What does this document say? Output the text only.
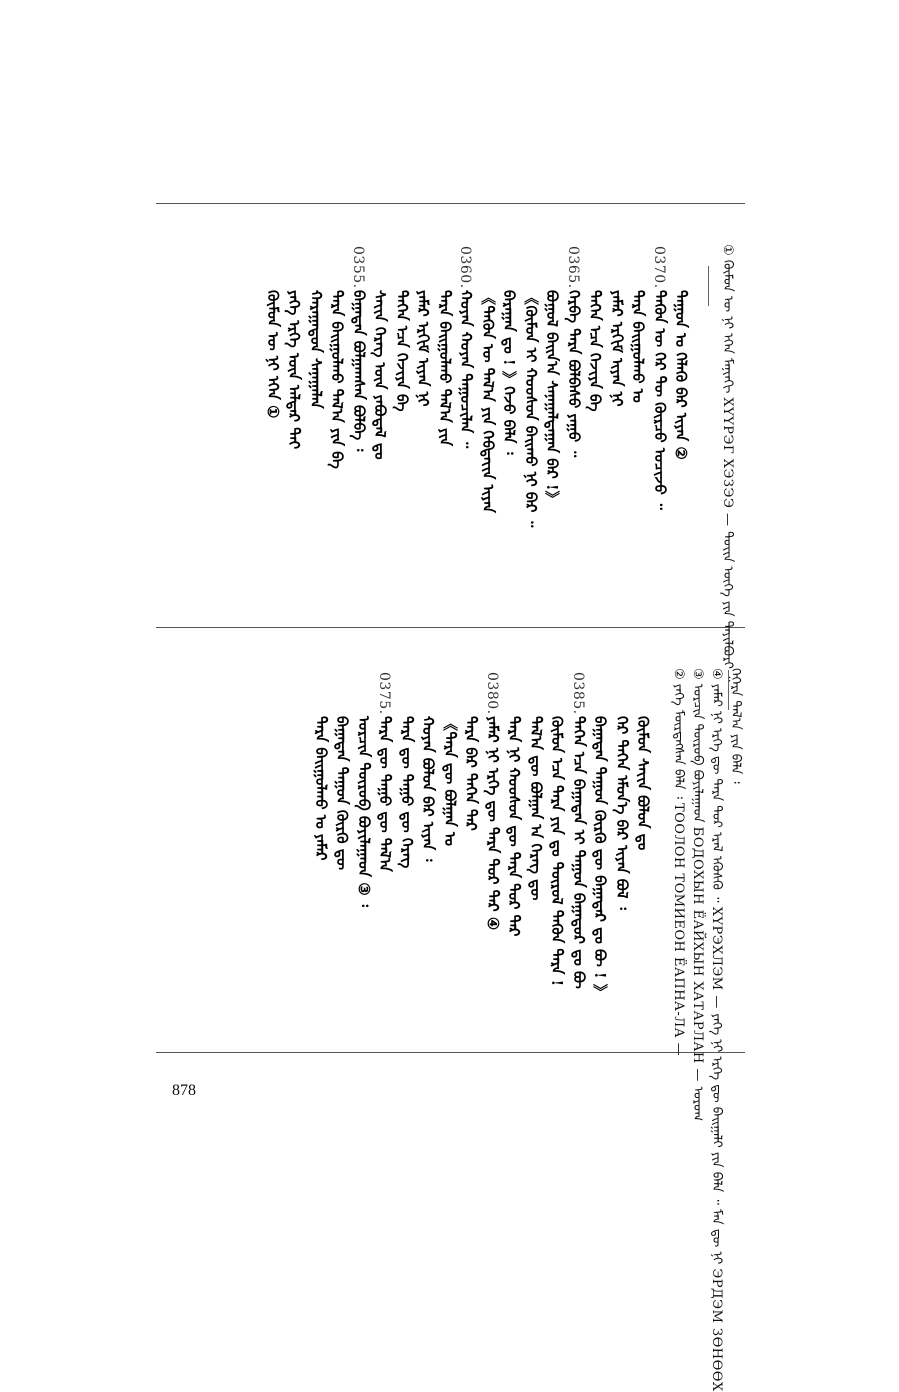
① ᠬᠦᠮᠦᠨ ᠦ ᠨᠢ ᠡᠬᠡᠨ ᠮᠡᠨᠢᠨᠭᠢ ХҮҮРЭГ ХЭЗЭЭ — ᠲᠣᠶ᠋ᠢᠨ ᠦᠭᠡ ᠶᠢᠨ ᠲᠠᠶᠢᠯᠪᠤᠷᠢ ᠃
ᠳᠠᠭᠤᠨ ᠤ ᠬᠡᠯᠡᠬᠦ ᠪᠡᠷ ᠢᠶᠡᠨ ②
0370.ᠲᠡᠭᠦᠨ ᠦ ᠭᠡᠷ ᠲᠦ ᠬᠦᠷᠴᠦ ᠣᠴᠢᠵᠤ ᠃
ᠲᠡᠷᠡ ᠪᠠᠢᠭᠤᠯᠬᠤ ᠤ
ᠶᠠᠮᠠᠷ ᠡᠷᠬᠢᠮ ᠢᠶᠡᠨ ᠨᠢ
ᠲᠡᠭᠡᠨ ᠡᠴᠡ ᠬᠡᠵᠢᠶᠡ ᠪᠡ
0365.ᠬᠡᠷᠪᠡ ᠲᠡᠷᠡ ᠪᠣᠯᠪᠠᠰᠤ ᠶᠠᠭᠤ ᠃
ᠪᠣᠭᠣᠯ ᠪᠠᠢᠨ᠎ᠠ ᠰᠠᠨᠠᠭᠠᠯᠳᠠᠭᠠᠨ ᠪᠡᠷ !》
《ᠬᠦᠮᠦᠨ ᠢ ᠬᠣᠣᠰᠣᠨ ᠪᠠᠢᠬᠤ ᠨᠢ ᠪᠡᠷ ᠃
ᠪᠠᠷᠠᠭᠠᠨ ᠳᠤ ! 》ᠭᠡᠵᠦ ᠪᠡᠯᠡ ᠄
《ᠲᠡᠭᠦᠨ ᠦ ᠲᠠᠯ᠎ᠠ ᠶᠢᠨ ᠬᠡᠪᠲᠡᠶ᠋ᠢᠨ ᠢᠶᠡᠨ
0360.ᠬᠣᠶᠠᠨ ᠬᠣᠶᠠᠨ ᠳᠠᠭᠤᠴᠢᠯᠠᠨ ᠃
ᠲᠡᠷᠡ ᠪᠠᠢᠭᠤᠯᠬᠤ ᠲᠠᠯ᠎ᠠ ᠶᠢᠨ
ᠶᠠᠮᠠᠷ ᠡᠷᠬᠢᠮ ᠢᠶᠡᠨ ᠨᠢ
ᠲᠡᠭᠡᠨ ᠡᠴᠡ ᠬᠡᠵᠢᠶᠡ ᠪᠡ
ᠰᠠᠶ᠋ᠢᠨ ᠬᠡᠷᠡᠭ ᠦᠨ ᠶᠠᠪᠤᠳᠠᠯ ᠳᠤ
0355.ᠪᠠᠭᠠᠲᠠᠨ ᠪᠣᠯᠭᠠᠭᠰᠠᠨ ᠪᠣᠯᠪᠠ ᠄
ᠲᠡᠷᠡ ᠪᠠᠢᠭᠤᠯᠬᠤ ᠲᠠᠯ᠎ᠠ ᠶᠢᠨ ᠪᠡ
ᠬᠠᠷᠠᠭᠠᠳᠤᠨ ᠰᠠᠨᠠᠭᠠᠯᠠᠨ
ᠶᠡᠬᠡ ᠡᠷᠬᠡ ᠦᠨ ᠠᠯᠳᠠᠷ ᠲᠠᠢ
ᠬᠦᠮᠦᠨ ᠦ ᠨᠢ ᠡᠬᠡᠨ ①
ᠬᠡᠭᠡᠷᠡ ᠲᠠᠯ᠎ᠠ ᠶᠢᠨ ᠪᠡᠯᠡ ᠄
④ ᠶᠠᠮᠠᠷ ᠨᠢ ᠡᠷᠭᠡ ᠳᠦ ᠲᠡᠷᠡ ᠲᠤᠷ ᠡᠷᠡᠯ ᠡᠭᠦᠰᠬᠦ ᠃ ХҮРЭХЛЭМ — ᠶᠡᠬᠡ ᠨᠢ ᠡᠷᠭᠡ ᠳᠦ ᠪᠠᠢᠭᠠᠯᠢ ᠶᠢᠨ ᠪᠡᠯᠡ ᠃ ᠮᠡᠨ ᠳᠦ ᠨᠢ ЭРДЭМ ЗӨНӨӨХ
③ ᠣᠷᠴᠢᠨ ᠳᠦᠷᠦᠪ ᠪᠣᠶᠢᠯᠠᠭᠠᠳ БОДОХЫН ЁАЙХЫН ХАТАРЛАН — ᠤᠷᠤᠭ
② ᠶᠡᠬᠡ ᠮᠦᠷᠳᠡᠭᠰᠡᠨ ᠪᠡᠯᠡ ᠄ ТООЛОН ТОМИЕОН ЁАПНА-ЛА —
ᠬᠦᠮᠦᠨ ᠰᠠᠶ᠋ᠢᠨ ᠪᠣᠯᠤᠨ ᠳᠤ
ᠭᠡᠷ ᠲᠡᠭᠡᠨ ᠡᠮᠦᠨ᠎ᠡ ᠪᠡᠷ ᠢᠶᠡᠨ ᠪᠣᠯ ᠄
ᠪᠠᠭᠠᠲᠠᠨ ᠳᠠᠭᠤᠨ ᠬᠦᠷᠬᠦ ᠳᠦ ᠪᠠᠭᠠᠲᠠᠷ ᠳᠤ ᠪᠦ ! 》
0385.ᠲᠡᠭᠡᠨ ᠡᠴᠡ ᠪᠠᠭᠠᠲᠠᠨ ᠢ ᠳᠠᠭᠤᠨ ᠪᠠᠭᠠᠲᠤᠷ ᠳᠤ ᠪᠦ
ᠬᠦᠮᠦᠨ ᠡᠴᠡ ᠲᠡᠷᠡ ᠶᠢᠨ ᠳᠤ ᠲᠦᠷᠦᠯ ᠲᠡᠭᠦᠨ ᠲᠡᠷᠡ !
ᠲᠠᠯ᠎ᠠ ᠳᠦ ᠪᠣᠯᠭᠠᠨ ᠠ ᠬᠡᠷᠡᠭ ᠳᠦ
ᠲᠡᠷᠡ ᠨᠢ ᠬᠣᠣᠰᠣᠨ ᠳᠦ ᠲᠡᠷᠡ ᠲᠤᠷ ᠲᠡᠷ
0380.ᠶᠠᠮᠠᠷ ᠨᠢ ᠡᠷᠭᠡ ᠳᠦ ᠲᠡᠷᠡ ᠲᠤᠷ ᠲᠡᠷ ④
ᠲᠡᠷᠡ ᠪᠡᠷ ᠲᠡᠭᠡᠨ ᠲᠡᠷ
《ᠲᠡᠷᠡ ᠳᠦ ᠪᠣᠯᠭᠠᠨ ᠤ
ᠬᠣᠶᠠᠨ ᠪᠣᠯᠤᠨ ᠪᠡᠷ ᠢᠶᠡᠨ ᠄
ᠲᠡᠷᠡ ᠳᠦ ᠳᠠᠭᠤ ᠳᠦ ᠬᠡᠷᠡᠭ
0375.ᠲᠡᠷᠡ ᠳᠦ ᠳᠠᠭᠤ ᠳᠦ ᠲᠠᠯ᠎ᠠ
ᠣᠷᠴᠢᠨ ᠳᠦᠷᠦᠪ ᠪᠣᠶᠢᠯᠠᠭᠠᠳ ③ ᠄
ᠪᠠᠭᠠᠲᠠᠨ ᠳᠠᠭᠤᠨ ᠬᠦᠷᠬᠦ ᠳᠦ
ᠲᠡᠷᠡ ᠪᠠᠢᠭᠤᠯᠬᠤ ᠤ ᠶᠠᠮᠠᠷ
878
